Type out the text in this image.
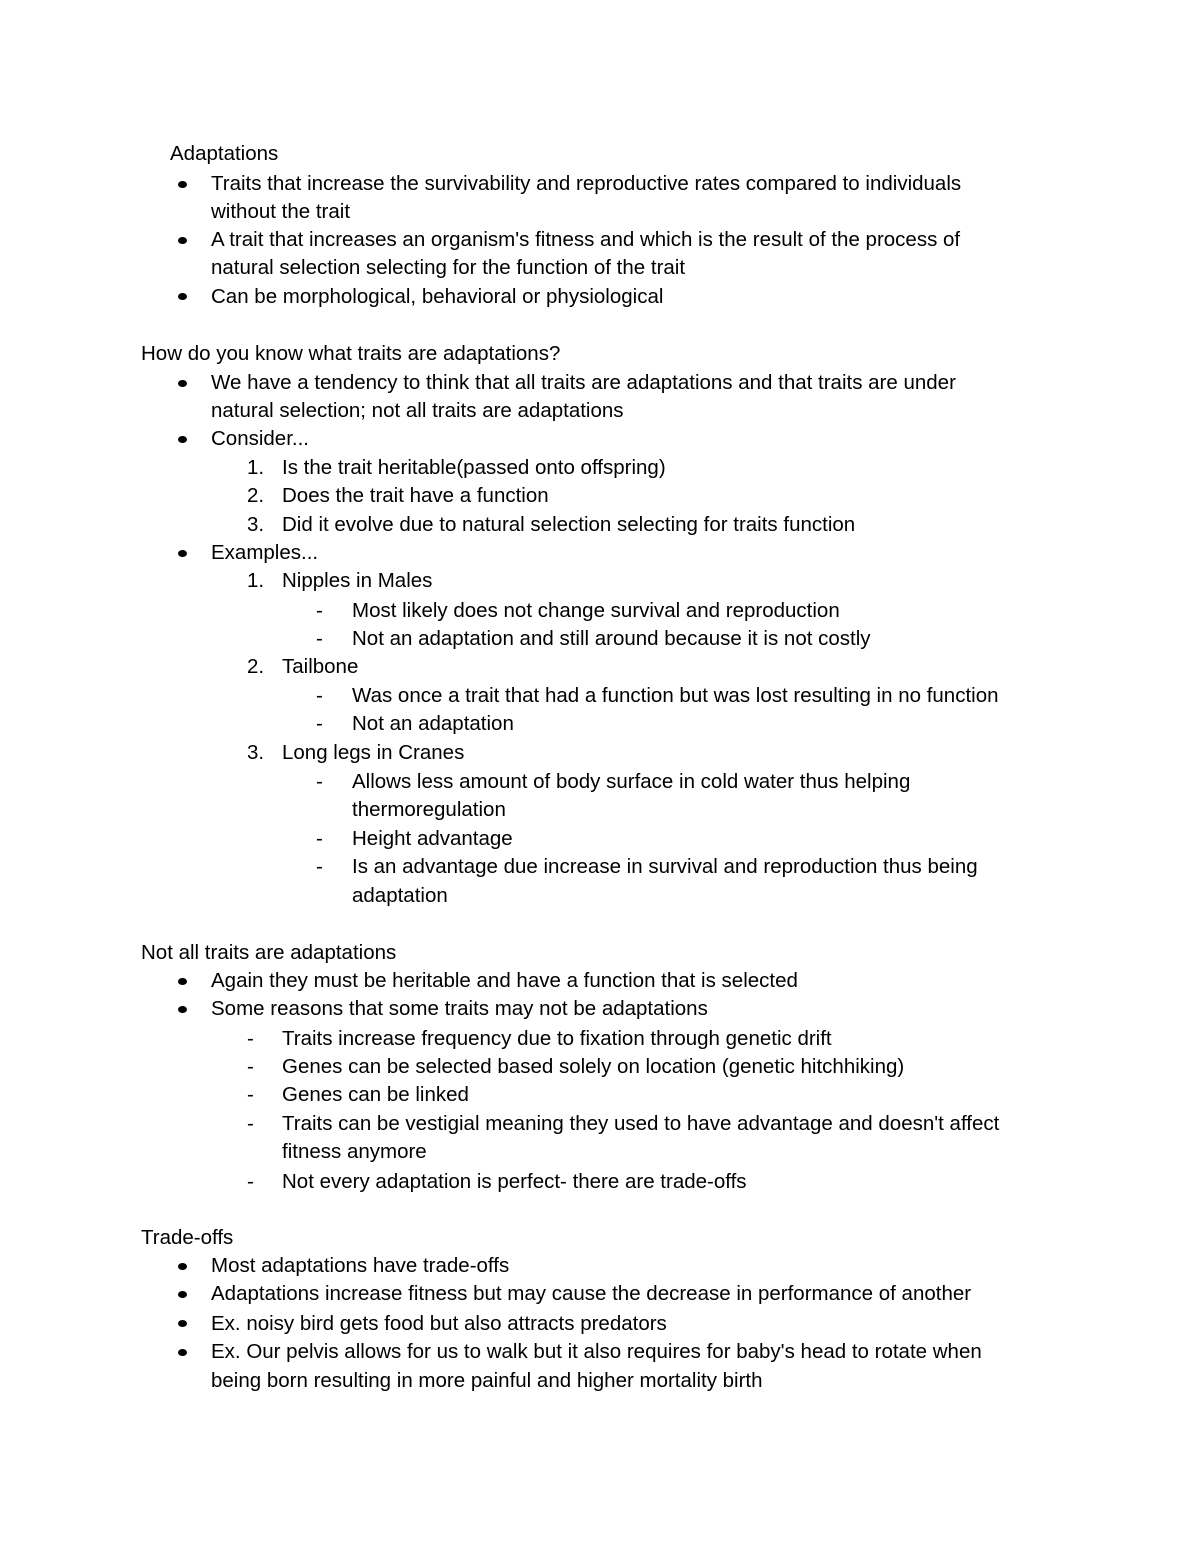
Adaptations
Traits that increase the survivability and reproductive rates compared to individuals
without the trait
A trait that increases an organism's fitness and which is the result of the process of
natural selection selecting for the function of the trait
Can be morphological, behavioral or physiological
How do you know what traits are adaptations?
We have a tendency to think that all traits are adaptations and that traits are under
natural selection; not all traits are adaptations
Consider...
1. Is the trait heritable(passed onto offspring)
2. Does the trait have a function
3. Did it evolve due to natural selection selecting for traits function
Examples...
1. Nipples in Males
- Most likely does not change survival and reproduction
- Not an adaptation and still around because it is not costly
2. Tailbone
- Was once a trait that had a function but was lost resulting in no function
- Not an adaptation
3. Long legs in Cranes
- Allows less amount of body surface in cold water thus helping
thermoregulation
- Height advantage
- Is an advantage due increase in survival and reproduction thus being
adaptation
Not all traits are adaptations
Again they must be heritable and have a function that is selected
Some reasons that some traits may not be adaptations
- Traits increase frequency due to fixation through genetic drift
- Genes can be selected based solely on location (genetic hitchhiking)
- Genes can be linked
- Traits can be vestigial meaning they used to have advantage and doesn't affect
fitness anymore
- Not every adaptation is perfect- there are trade-offs
Trade-offs
Most adaptations have trade-offs
Adaptations increase fitness but may cause the decrease in performance of another
Ex. noisy bird gets food but also attracts predators
Ex. Our pelvis allows for us to walk but it also requires for baby's head to rotate when
being born resulting in more painful and higher mortality birth
